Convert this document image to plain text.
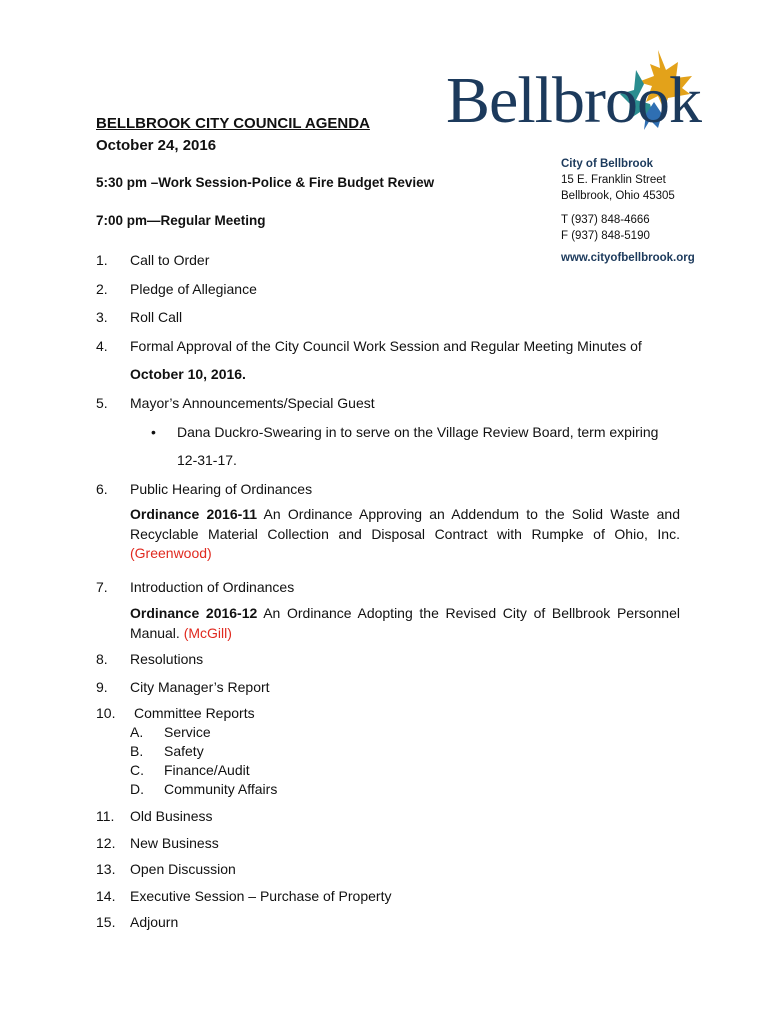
Bellbrook
BELLBROOK CITY COUNCIL AGENDA
October 24, 2016
City of Bellbrook
15 E. Franklin Street
Bellbrook, Ohio 45305
T (937) 848-4666
F (937) 848-5190
www.cityofbellbrook.org
5:30 pm –Work Session-Police & Fire Budget Review
7:00 pm—Regular Meeting
1. Call to Order
2. Pledge of Allegiance
3. Roll Call
4. Formal Approval of the City Council Work Session and Regular Meeting Minutes of
October 10, 2016.
5. Mayor’s Announcements/Special Guest
• Dana Duckro-Swearing in to serve on the Village Review Board, term expiring
12-31-17.
6. Public Hearing of Ordinances
Ordinance 2016-11 An Ordinance Approving an Addendum to the Solid Waste and Recyclable Material Collection and Disposal Contract with Rumpke of Ohio, Inc. (Greenwood)
7. Introduction of Ordinances
Ordinance 2016-12 An Ordinance Adopting the Revised City of Bellbrook Personnel Manual. (McGill)
8. Resolutions
9. City Manager’s Report
10. Committee Reports
A. Service
B. Safety
C. Finance/Audit
D. Community Affairs
11. Old Business
12. New Business
13. Open Discussion
14. Executive Session – Purchase of Property
15. Adjourn
